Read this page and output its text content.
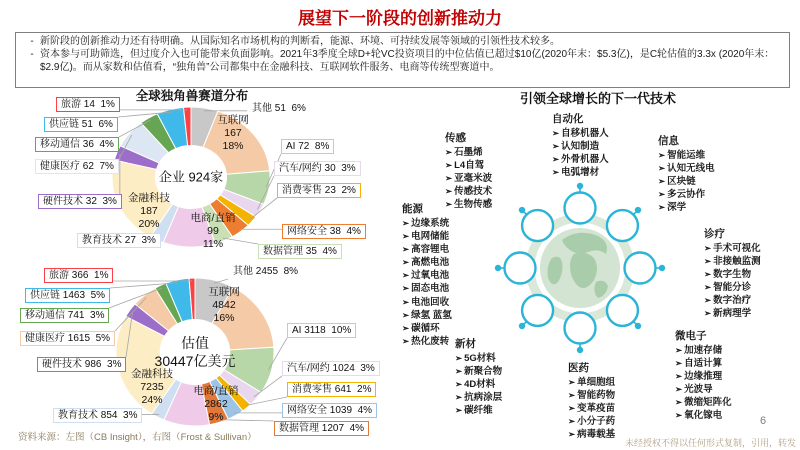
展望下一阶段的创新推动力
- 新阶段的创新推动力还有待明确。从国际知名市场机构的判断看，能源、环境、可持续发展等领域的引领性技术较多。
- 资本参与可助筛选，但过度介入也可能带来负面影响。2021年3季度全球D+轮VC投资项目的中位估值已超过$10亿(2020年末：$5.3亿)，是C轮估值的3.3x (2020年末：$2.9亿)。而从家数和估值看，“独角兽”公司都集中在金融科技、互联网软件服务、电商等传统型赛道中。
全球独角兽赛道分布	引领全球增长的下一代技术
资料来源：左图（CB Insight），右图（Frost & Sullivan）
6
未经授权不得以任何形式复制，引用，转发
其他 51  6%
互联网
167
18%	AI 72  8%
汽车/网约 30  3%
消费零售 23  2%
网络安全 38  4%
数据管理 35  4%
电商/直销
99
11%
教育技术 27  3%
金融科技
187
20%
硬件技术 32  3%
健康医疗 62  7%
移动通信 36  4%
供应链 51  6%
旅游 14  1%
企业 924家
其他 2455  8%
互联网
4842
16%
AI 3118  10%
汽车/网约 1024  3%
消费零售 641  2%
网络安全 1039  4%
数据管理 1207  4%
电商/直销
2862
9%
教育技术 854  3%
金融科技
7235
24%
硬件技术 986  3%
健康医疗 1615  5%
移动通信 741  3%
供应链 1463  5%
旅游 366  1%
估值
30447亿美元
自动化
➢ 自移机器人
➢ 认知制造
➢ 外骨机器人
➢ 电弧增材
传感
➢ 石墨烯
➢ L4自驾
➢ 亚毫米波
➢ 传感技术
➢ 生物传感
信息
➢ 智能运维
➢ 认知无线电
➢ 区块链
➢ 多云协作
➢ 深学
能源
➢ 边缘系统
➢ 电网储能
➢ 高容锂电
➢ 高燃电池
➢ 过氧电池
➢ 固态电池
➢ 电池回收
➢ 绿氢 蓝氢
➢ 碳循环
➢ 热化废转
诊疗
➢ 手术可视化
➢ 非接触监测
➢ 数字生物
➢ 智能分诊
➢ 数字治疗
➢ 新病理学
新材
➢ 5G材料
➢ 新聚合物
➢ 4D材料
➢ 抗病涂层
➢ 碳纤维
医药
➢ 单细胞组
➢ 智能药物
➢ 变革疫苗
➢ 小分子药
➢ 病毒载基
微电子
➢ 加速存储
➢ 自适计算
➢ 边缘推理
➢ 光波导
➢ 微缩矩阵化
➢ 氧化镓电
